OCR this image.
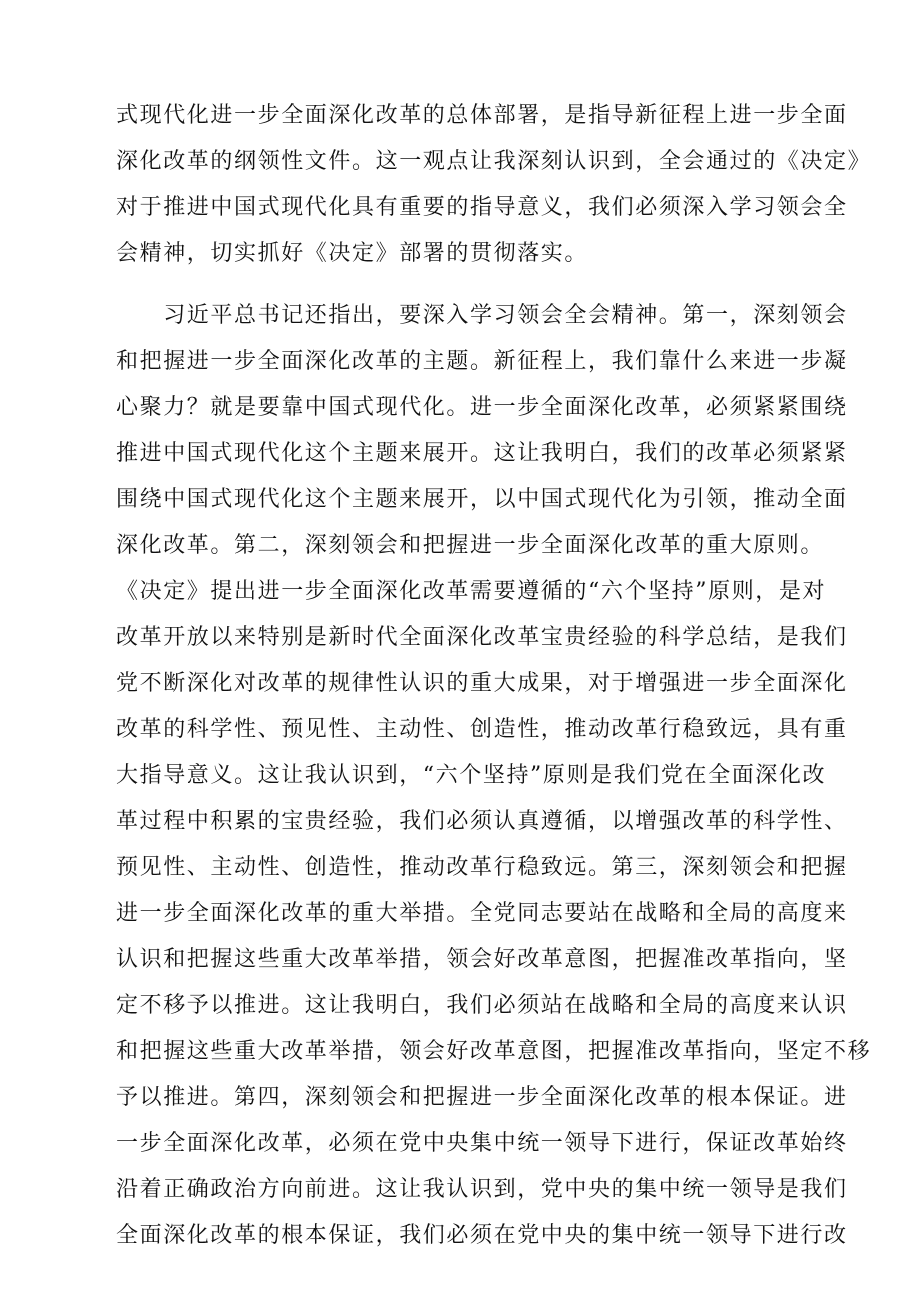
式现代化进一步全面深化改革的总体部署，是指导新征程上进一步全面
深化改革的纲领性文件。这一观点让我深刻认识到，全会通过的《决定》
对于推进中国式现代化具有重要的指导意义，我们必须深入学习领会全
会精神，切实抓好《决定》部署的贯彻落实。
　　习近平总书记还指出，要深入学习领会全会精神。第一，深刻领会
和把握进一步全面深化改革的主题。新征程上，我们靠什么来进一步凝
心聚力？就是要靠中国式现代化。进一步全面深化改革，必须紧紧围绕
推进中国式现代化这个主题来展开。这让我明白，我们的改革必须紧紧
围绕中国式现代化这个主题来展开，以中国式现代化为引领，推动全面
深化改革。第二，深刻领会和把握进一步全面深化改革的重大原则。
《决定》提出进一步全面深化改革需要遵循的“六个坚持”原则，是对
改革开放以来特别是新时代全面深化改革宝贵经验的科学总结，是我们
党不断深化对改革的规律性认识的重大成果，对于增强进一步全面深化
改革的科学性、预见性、主动性、创造性，推动改革行稳致远，具有重
大指导意义。这让我认识到，“六个坚持”原则是我们党在全面深化改
革过程中积累的宝贵经验，我们必须认真遵循，以增强改革的科学性、
预见性、主动性、创造性，推动改革行稳致远。第三，深刻领会和把握
进一步全面深化改革的重大举措。全党同志要站在战略和全局的高度来
认识和把握这些重大改革举措，领会好改革意图，把握准改革指向，坚
定不移予以推进。这让我明白，我们必须站在战略和全局的高度来认识
和把握这些重大改革举措，领会好改革意图，把握准改革指向，坚定不移
予以推进。第四，深刻领会和把握进一步全面深化改革的根本保证。进
一步全面深化改革，必须在党中央集中统一领导下进行，保证改革始终
沿着正确政治方向前进。这让我认识到，党中央的集中统一领导是我们
全面深化改革的根本保证，我们必须在党中央的集中统一领导下进行改
